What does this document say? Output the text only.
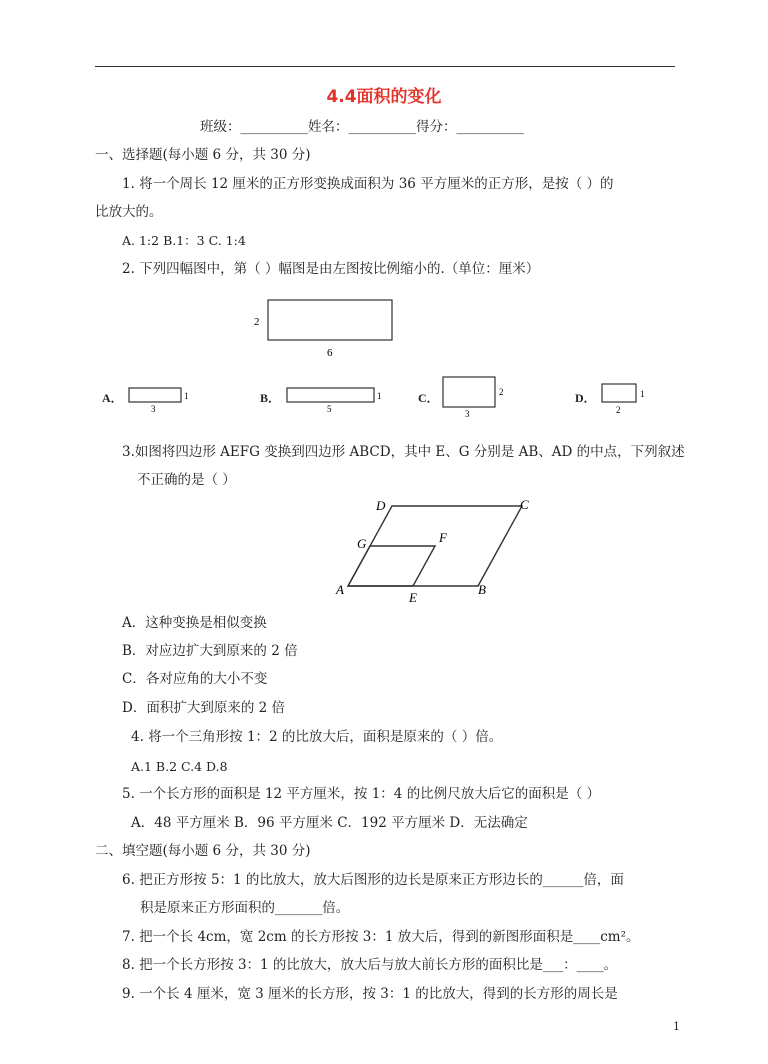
4.4面积的变化
班级：__________姓名：__________得分：__________
一、选择题(每小题 6 分，共 30 分)
1. 将一个周长 12 厘米的正方形变换成面积为 36 平方厘米的正方形，是按（ ）的
比放大的。
A. 1:2 B.1：3 C. 1:4
2. 下列四幅图中，第（ ）幅图是由左图按比例缩小的.（单位：厘米）
2
6
A．	1
3
B．	1
5
C．	2
3
D．	1
2
3.如图将四边形 AEFG 变换到四边形 ABCD，其中 E、G 分别是 AB、AD 的中点，下列叙述
不正确的是（ ）
A	B
C
D
E
F
G
A．这种变换是相似变换
B．对应边扩大到原来的 2 倍
C．各对应角的大小不变
D．面积扩大到原来的 2 倍
4. 将一个三角形按 1：2 的比放大后，面积是原来的（ ）倍。
A.1 B.2 C.4 D.8
5. 一个长方形的面积是 12 平方厘米，按 1：4 的比例尺放大后它的面积是（ ）
A．48 平方厘米 B．96 平方厘米 C．192 平方厘米 D．无法确定
二、填空题(每小题 6 分，共 30 分)
6. 把正方形按 5：1 的比放大，放大后图形的边长是原来正方形边长的______倍，面
积是原来正方形面积的_______倍。
7. 把一个长 4cm，宽 2cm 的长方形按 3：1 放大后，得到的新图形面积是____cm²。
8. 把一个长方形按 3：1 的比放大，放大后与放大前长方形的面积比是___：____。
9. 一个长 4 厘米，宽 3 厘米的长方形，按 3：1 的比放大，得到的长方形的周长是
1
